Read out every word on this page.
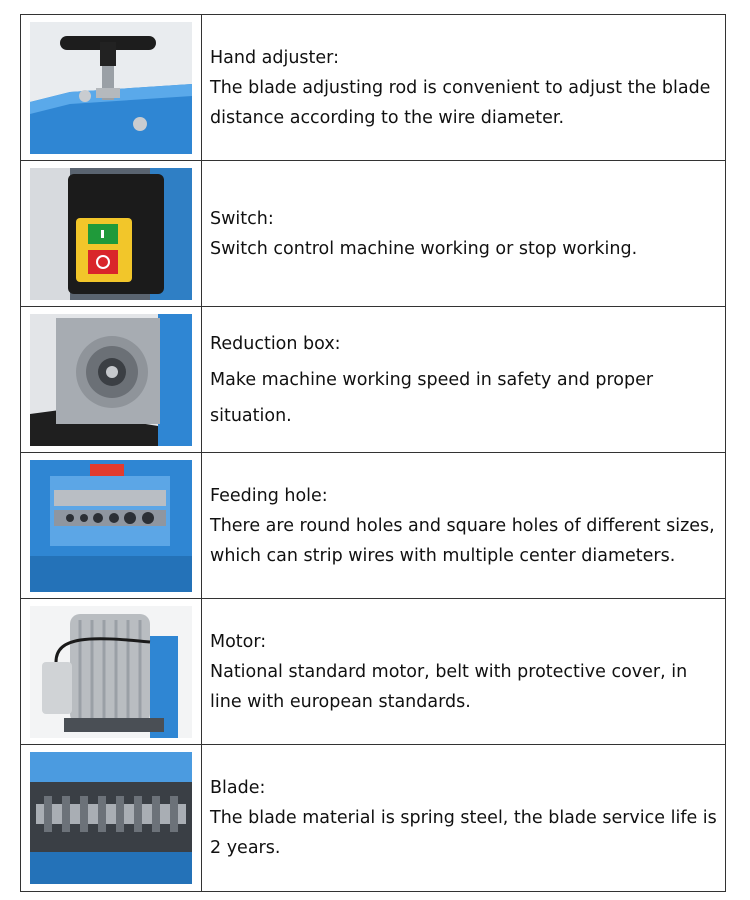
Hand adjuster:
The blade adjusting rod is convenient to adjust the blade distance according to the wire diameter.
Switch:
Switch control machine working or stop working.
Reduction box:
Make machine working speed in safety and proper situation.
Feeding hole:
There are round holes and square holes of different sizes, which can strip wires with multiple center diameters.
Motor:
National standard motor, belt with protective cover, in line with european standards.
Blade:
The blade material is spring steel, the blade service life is 2 years.
